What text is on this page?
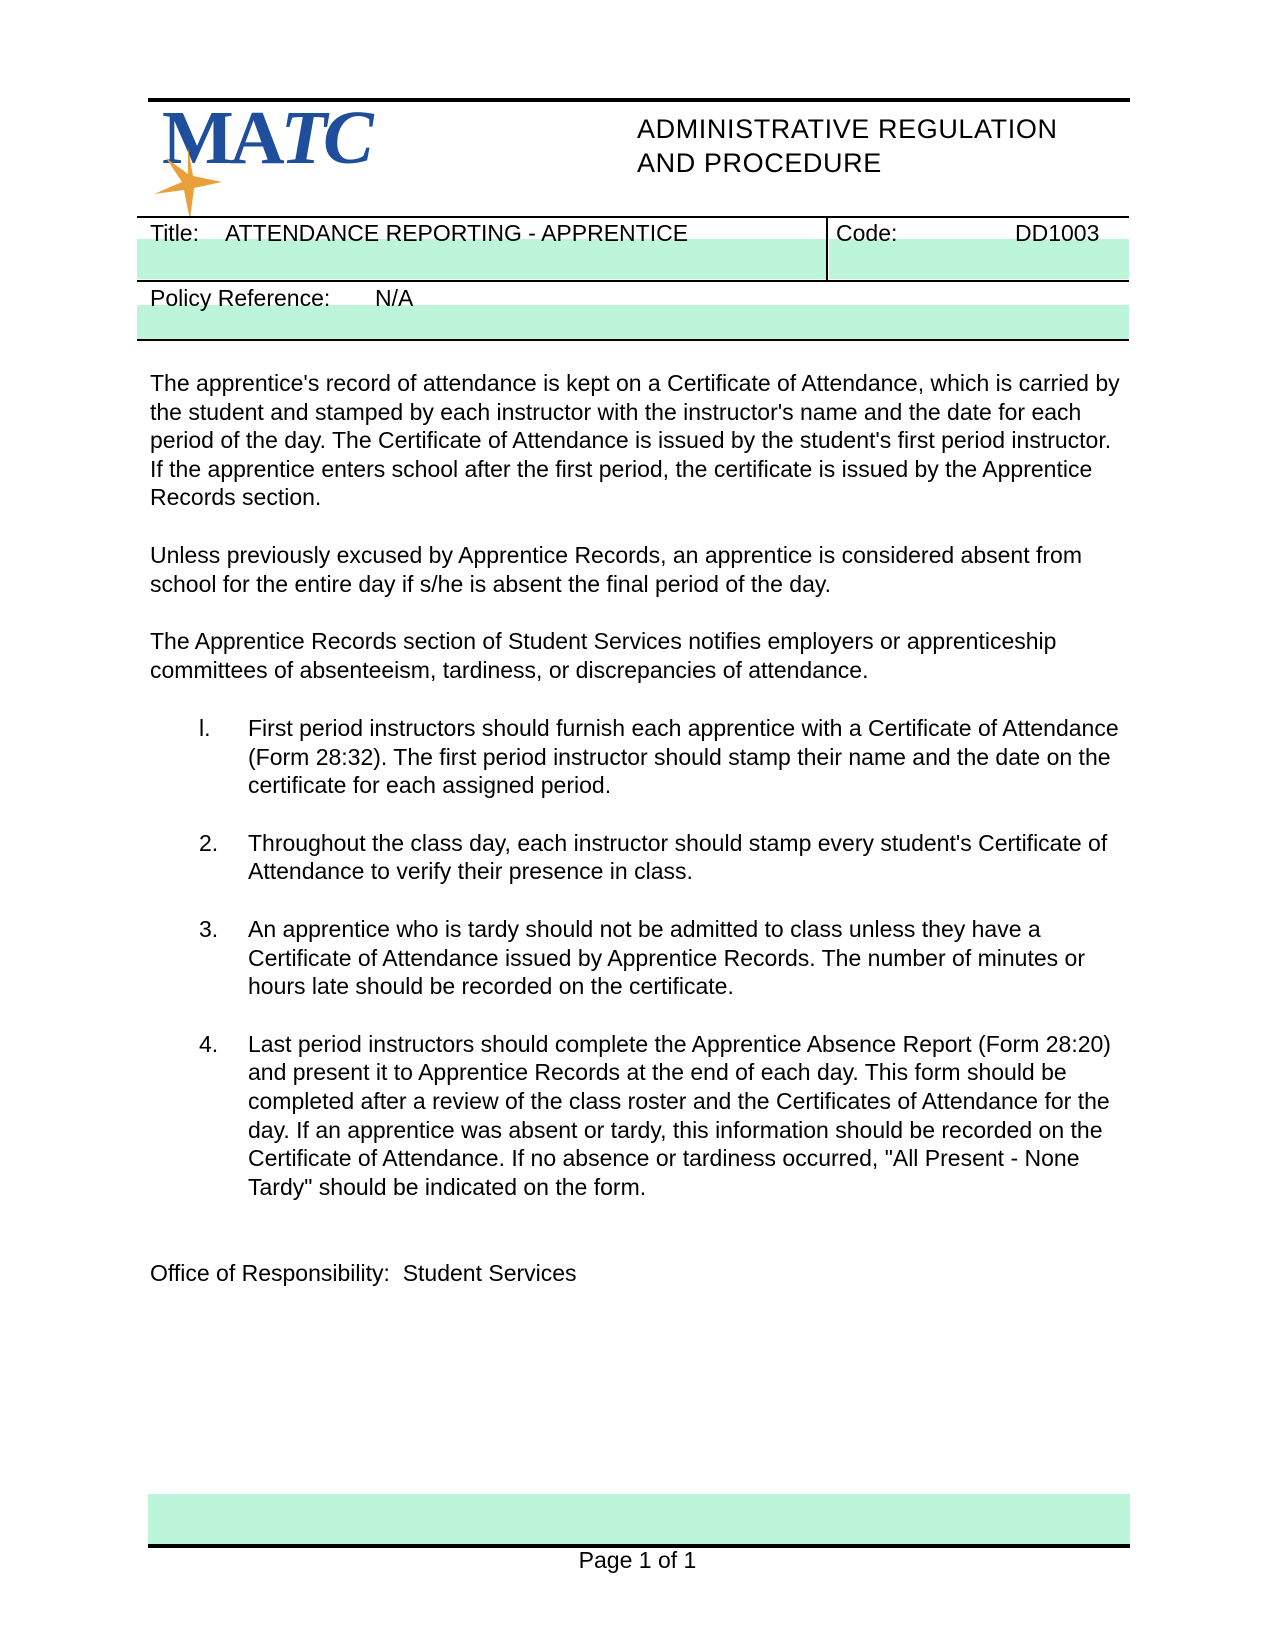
MATC	ADMINISTRATIVE REGULATION
AND PROCEDURE
Title: ATTENDANCE REPORTING - APPRENTICE	Code:	DD1003
Policy Reference: N/A

The apprentice's record of attendance is kept on a Certificate of Attendance, which is carried by the student and stamped by each instructor with the instructor's name and the date for each period of the day. The Certificate of Attendance is issued by the student's first period instructor. If the apprentice enters school after the first period, the certificate is issued by the Apprentice Records section.

Unless previously excused by Apprentice Records, an apprentice is considered absent from school for the entire day if s/he is absent the final period of the day.

The Apprentice Records section of Student Services notifies employers or apprenticeship committees of absenteeism, tardiness, or discrepancies of attendance.

l. First period instructors should furnish each apprentice with a Certificate of Attendance (Form 28:32). The first period instructor should stamp their name and the date on the certificate for each assigned period.
2. Throughout the class day, each instructor should stamp every student's Certificate of Attendance to verify their presence in class.
3. An apprentice who is tardy should not be admitted to class unless they have a Certificate of Attendance issued by Apprentice Records. The number of minutes or hours late should be recorded on the certificate.
4. Last period instructors should complete the Apprentice Absence Report (Form 28:20) and present it to Apprentice Records at the end of each day. This form should be completed after a review of the class roster and the Certificates of Attendance for the day. If an apprentice was absent or tardy, this information should be recorded on the Certificate of Attendance. If no absence or tardiness occurred, "All Present - None Tardy" should be indicated on the form.
Office of Responsibility: Student Services
Page 1 of 1
